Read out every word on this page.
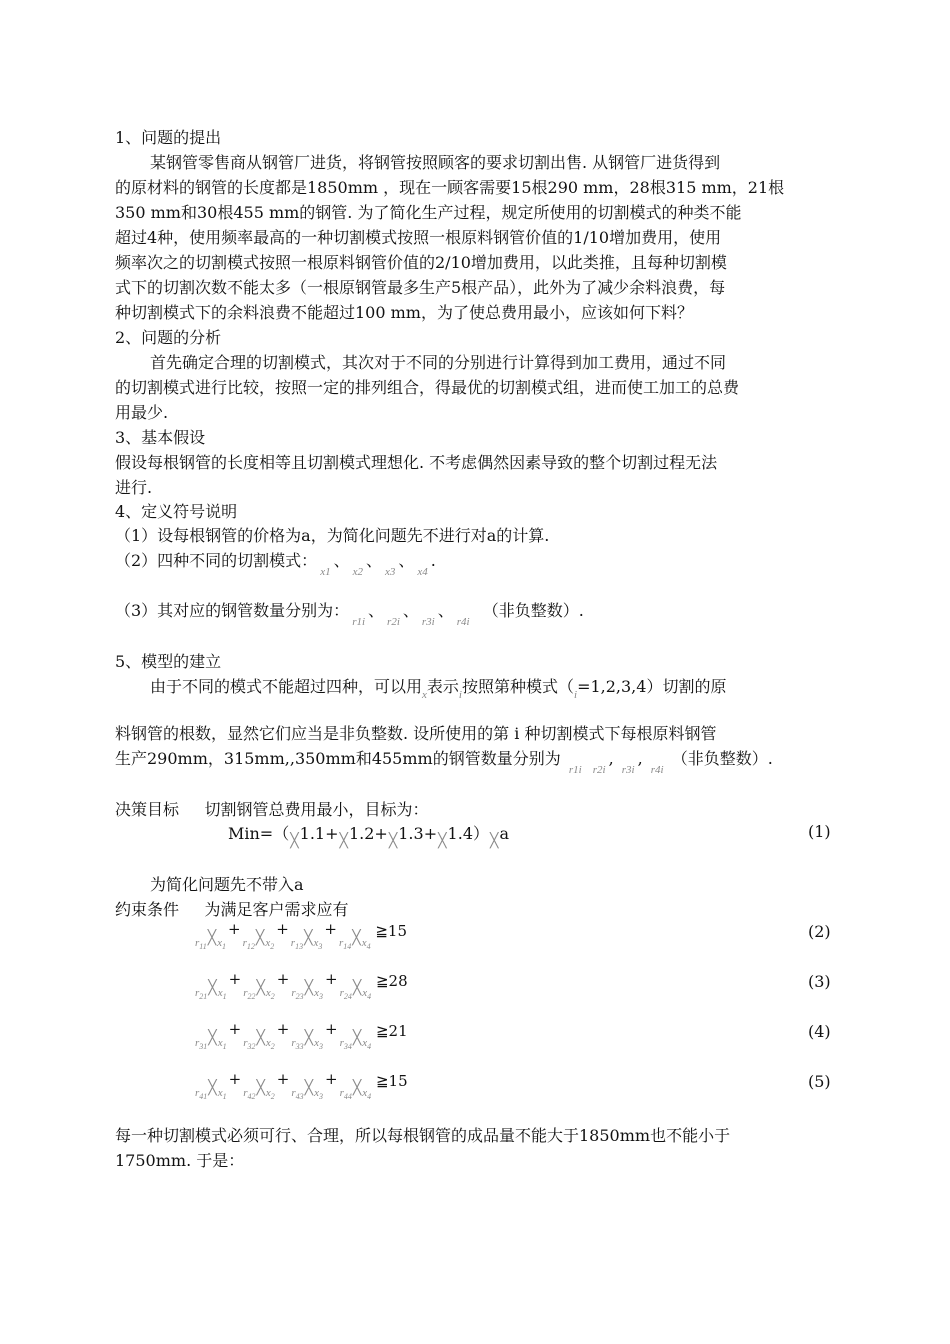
1、问题的提出
某钢管零售商从钢管厂进货，将钢管按照顾客的要求切割出售. 从钢管厂进货得到
的原材料的钢管的长度都是1850mm ，现在一顾客需要15根290 mm，28根315 mm，21根
350 mm和30根455 mm的钢管. 为了简化生产过程，规定所使用的切割模式的种类不能
超过4种，使用频率最高的一种切割模式按照一根原料钢管价值的1/10增加费用，使用
频率次之的切割模式按照一根原料钢管价值的2/10增加费用，以此类推，且每种切割模
式下的切割次数不能太多（一根原钢管最多生产5根产品），此外为了减少余料浪费，每
种切割模式下的余料浪费不能超过100 mm，为了使总费用最小，应该如何下料？
2、问题的分析
首先确定合理的切割模式，其次对于不同的分别进行计算得到加工费用，通过不同
的切割模式进行比较，按照一定的排列组合，得最优的切割模式组，进而使工加工的总费
用最少.
3、基本假设
假设每根钢管的长度相等且切割模式理想化. 不考虑偶然因素导致的整个切割过程无法
进行.
4、定义符号说明
（1）设每根钢管的价格为a，为简化问题先不进行对a的计算.
（2）四种不同的切割模式：$_{x1}$、$_{x2}$、$_{x3}$、$_{x4}$.
（3）其对应的钢管数量分别为：$_{r1i}$、$_{r2i}$、$_{r3i}$、$_{r4i}$  （非负整数）.
5、模型的建立
由于不同的模式不能超过四种，可以用$_x$表示$_i$按照第种模式$(_i=1,2,3,4)$切割的原
料钢管的根数，显然它们应当是非负整数. 设所使用的第 i 种切割模式下每根原料钢管
生产290mm，315mm,,350mm和455mm的钢管数量分别为 $_{r1i}$ $_{r2i}$, $_{r3i}$, $_{r4i}$ （非负整数）.
决策目标 切割钢管总费用最小，目标为：
Min=（╳1.1+╳1.2+╳1.3+╳1.4）╳a	(1)
为简化问题先不带入a
约束条件 为满足客户需求应有
$_{r_{11}}╳_{x_1}+_{r_{12}}╳_{x_2}+_{r_{13}}╳_{x_3}+_{r_{14}}╳_{x_4}$ ≧15	(2)
$_{r_{21}}╳_{x_1}+_{r_{22}}╳_{x_2}+_{r_{23}}╳_{x_3}+_{r_{24}}╳_{x_4}$ ≧28	(3)
$_{r_{31}}╳_{x_1}+_{r_{32}}╳_{x_2}+_{r_{33}}╳_{x_3}+_{r_{34}}╳_{x_4}$ ≧21	(4)
$_{r_{41}}╳_{x_1}+_{r_{42}}╳_{x_2}+_{r_{43}}╳_{x_3}+_{r_{44}}╳_{x_4}$ ≧15	(5)
每一种切割模式必须可行、合理，所以每根钢管的成品量不能大于1850mm也不能小于
1750mm. 于是：
